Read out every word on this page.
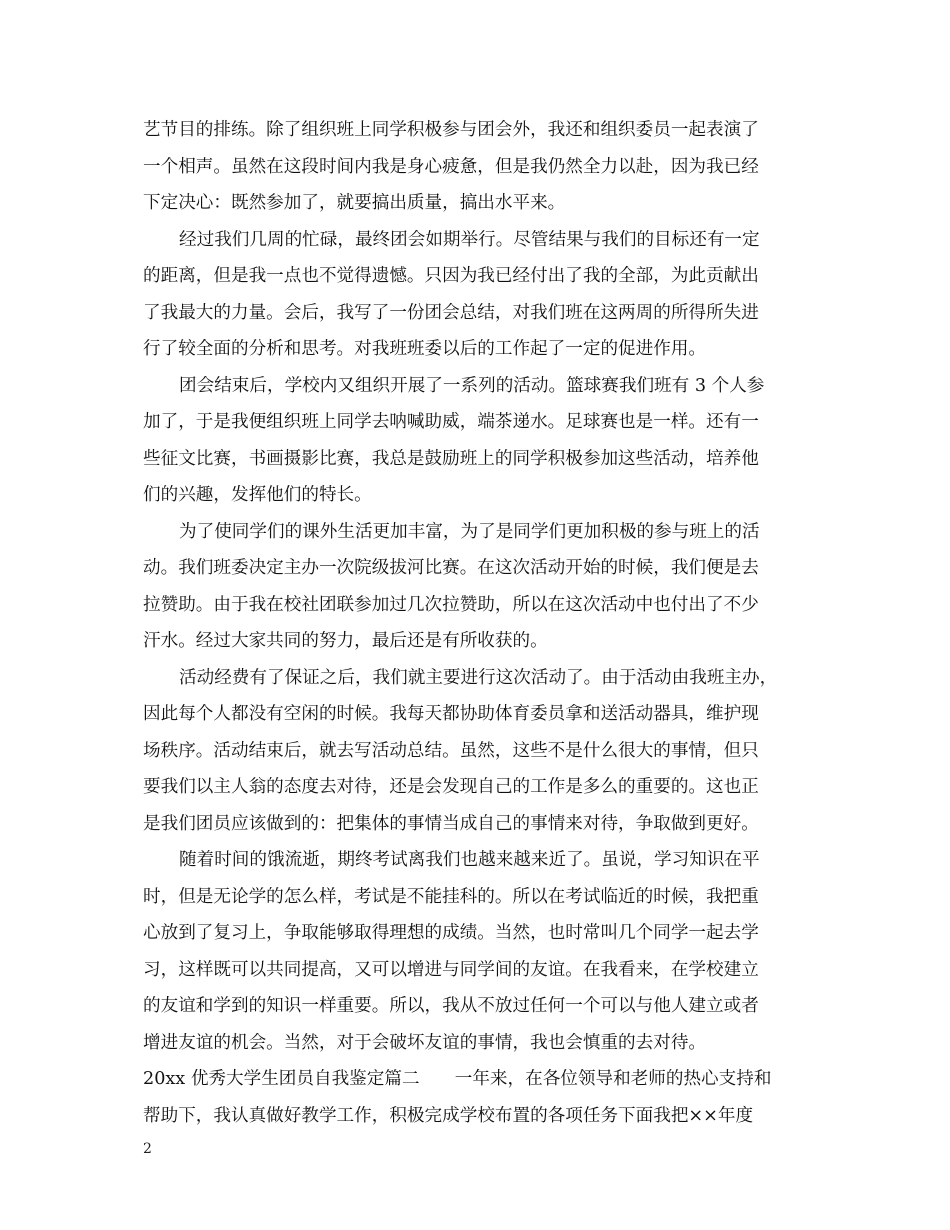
艺节目的排练。除了组织班上同学积极参与团会外，我还和组织委员一起表演了
一个相声。虽然在这段时间内我是身心疲惫，但是我仍然全力以赴，因为我已经
下定决心：既然参加了，就要搞出质量，搞出水平来。
经过我们几周的忙碌，最终团会如期举行。尽管结果与我们的目标还有一定
的距离，但是我一点也不觉得遗憾。只因为我已经付出了我的全部，为此贡献出
了我最大的力量。会后，我写了一份团会总结，对我们班在这两周的所得所失进
行了较全面的分析和思考。对我班班委以后的工作起了一定的促进作用。
团会结束后，学校内又组织开展了一系列的活动。篮球赛我们班有 3 个人参
加了，于是我便组织班上同学去呐喊助威，端茶递水。足球赛也是一样。还有一
些征文比赛，书画摄影比赛，我总是鼓励班上的同学积极参加这些活动，培养他
们的兴趣，发挥他们的特长。
为了使同学们的课外生活更加丰富，为了是同学们更加积极的参与班上的活
动。我们班委决定主办一次院级拔河比赛。在这次活动开始的时候，我们便是去
拉赞助。由于我在校社团联参加过几次拉赞助，所以在这次活动中也付出了不少
汗水。经过大家共同的努力，最后还是有所收获的。
活动经费有了保证之后，我们就主要进行这次活动了。由于活动由我班主办，
因此每个人都没有空闲的时候。我每天都协助体育委员拿和送活动器具，维护现
场秩序。活动结束后，就去写活动总结。虽然，这些不是什么很大的事情，但只
要我们以主人翁的态度去对待，还是会发现自己的工作是多么的重要的。这也正
是我们团员应该做到的：把集体的事情当成自己的事情来对待，争取做到更好。
随着时间的饿流逝，期终考试离我们也越来越来近了。虽说，学习知识在平
时，但是无论学的怎么样，考试是不能挂科的。所以在考试临近的时候，我把重
心放到了复习上，争取能够取得理想的成绩。当然，也时常叫几个同学一起去学
习，这样既可以共同提高，又可以增进与同学间的友谊。在我看来，在学校建立
的友谊和学到的知识一样重要。所以，我从不放过任何一个可以与他人建立或者
增进友谊的机会。当然，对于会破坏友谊的事情，我也会慎重的去对待。
20xx 优秀大学生团员自我鉴定篇二　　一年来，在各位领导和老师的热心支持和
帮助下，我认真做好教学工作，积极完成学校布置的各项任务下面我把××年度
2
